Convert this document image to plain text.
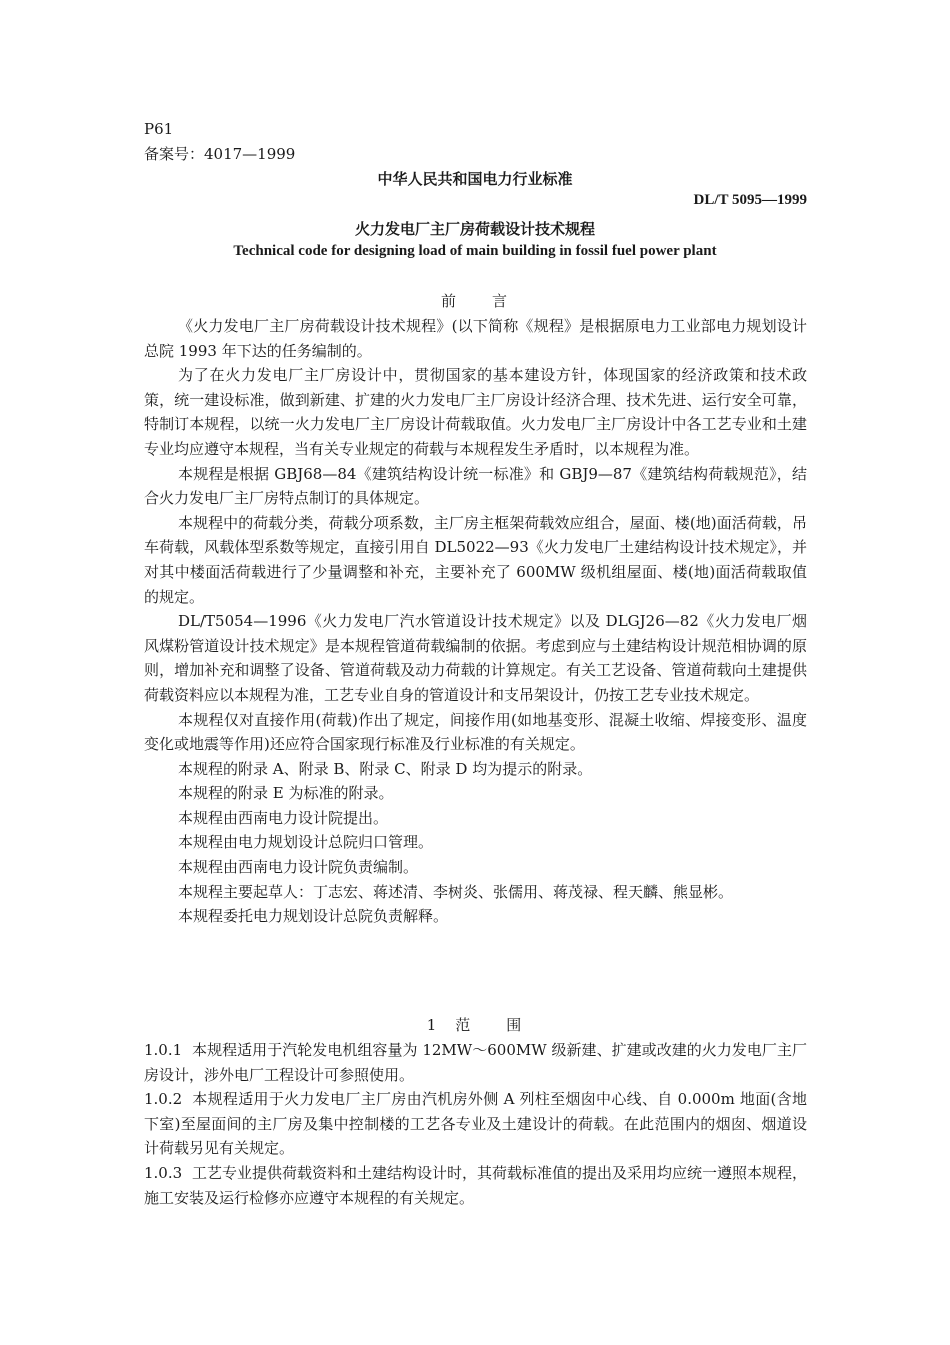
P61

备案号：4017—1999

中华人民共和国电力行业标准
DL/T 5095—1999
火力发电厂主厂房荷载设计技术规程
Technical code for designing load of main building in fossil fuel power plant
前　　言

《火力发电厂主厂房荷载设计技术规程》(以下简称《规程》是根据原电力工业部电力规划设计总院 1993 年下达的任务编制的。

为了在火力发电厂主厂房设计中，贯彻国家的基本建设方针，体现国家的经济政策和技术政策，统一建设标准，做到新建、扩建的火力发电厂主厂房设计经济合理、技术先进、运行安全可靠，特制订本规程，以统一火力发电厂主厂房设计荷载取值。火力发电厂主厂房设计中各工艺专业和土建专业均应遵守本规程，当有关专业规定的荷载与本规程发生矛盾时，以本规程为准。

本规程是根据 GBJ68—84《建筑结构设计统一标准》和 GBJ9—87《建筑结构荷载规范》，结合火力发电厂主厂房特点制订的具体规定。

本规程中的荷载分类，荷载分项系数，主厂房主框架荷载效应组合，屋面、楼(地)面活荷载，吊车荷载，风载体型系数等规定，直接引用自 DL5022—93《火力发电厂土建结构设计技术规定》，并对其中楼面活荷载进行了少量调整和补充，主要补充了 600MW 级机组屋面、楼(地)面活荷载取值的规定。

DL/T5054—1996《火力发电厂汽水管道设计技术规定》以及 DLGJ26—82《火力发电厂烟风煤粉管道设计技术规定》是本规程管道荷载编制的依据。考虑到应与土建结构设计规范相协调的原则，增加补充和调整了设备、管道荷载及动力荷载的计算规定。有关工艺设备、管道荷载向土建提供荷载资料应以本规程为准，工艺专业自身的管道设计和支吊架设计，仍按工艺专业技术规定。

本规程仅对直接作用(荷载)作出了规定，间接作用(如地基变形、混凝土收缩、焊接变形、温度变化或地震等作用)还应符合国家现行标准及行业标准的有关规定。

本规程的附录 A、附录 B、附录 C、附录 D 均为提示的附录。

本规程的附录 E 为标准的附录。

本规程由西南电力设计院提出。

本规程由电力规划设计总院归口管理。

本规程由西南电力设计院负责编制。

本规程主要起草人：丁志宏、蒋述清、李树炎、张儒用、蒋茂禄、程天麟、熊显彬。

本规程委托电力规划设计总院负责解释。

1　范　　围

1.0.1 本规程适用于汽轮发电机组容量为 12MW～600MW 级新建、扩建或改建的火力发电厂主厂房设计，涉外电厂工程设计可参照使用。

1.0.2 本规程适用于火力发电厂主厂房由汽机房外侧 A 列柱至烟囱中心线、自 0.000m 地面(含地下室)至屋面间的主厂房及集中控制楼的工艺各专业及土建设计的荷载。在此范围内的烟囱、烟道设计荷载另见有关规定。

1.0.3 工艺专业提供荷载资料和土建结构设计时，其荷载标准值的提出及采用均应统一遵照本规程，施工安装及运行检修亦应遵守本规程的有关规定。
